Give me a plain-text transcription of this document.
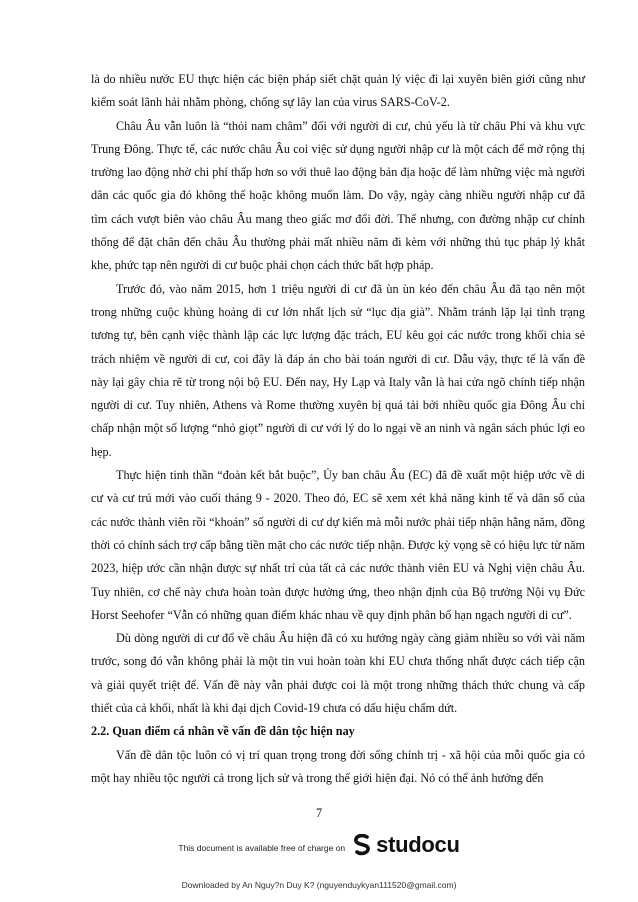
là do nhiều nước EU thực hiện các biện pháp siết chặt quản lý việc đi lại xuyên biên giới cũng như kiểm soát lãnh hải nhằm phòng, chống sự lây lan của virus SARS-CoV-2.

Châu Âu vẫn luôn là “thỏi nam châm” đối với người di cư, chủ yếu là từ châu Phi và khu vực Trung Đông. Thực tế, các nước châu Âu coi việc sử dụng người nhập cư là một cách để mở rộng thị trường lao động nhờ chi phí thấp hơn so với thuê lao động bản địa hoặc để làm những việc mà người dân các quốc gia đó không thể hoặc không muốn làm. Do vậy, ngày càng nhiều người nhập cư đã tìm cách vượt biên vào châu Âu mang theo giấc mơ đổi đời. Thế nhưng, con đường nhập cư chính thống để đặt chân đến châu Âu thường phải mất nhiều năm đi kèm với những thủ tục pháp lý khắt khe, phức tạp nên người di cư buộc phải chọn cách thức bất hợp pháp.

Trước đó, vào năm 2015, hơn 1 triệu người di cư đã ùn ùn kéo đến châu Âu đã tạo nên một trong những cuộc khủng hoảng di cư lớn nhất lịch sử “lục địa già”. Nhằm tránh lặp lại tình trạng tương tự, bên cạnh việc thành lập các lực lượng đặc trách, EU kêu gọi các nước trong khối chia sẻ trách nhiệm về người di cư, coi đây là đáp án cho bài toán người di cư. Dẫu vậy, thực tế là vấn đề này lại gây chia rẽ từ trong nội bộ EU. Đến nay, Hy Lạp và Italy vẫn là hai cửa ngõ chính tiếp nhận người di cư. Tuy nhiên, Athens và Rome thường xuyên bị quá tải bởi nhiều quốc gia Đông Âu chỉ chấp nhận một số lượng “nhỏ giọt” người di cư với lý do lo ngại về an ninh và ngân sách phúc lợi eo hẹp.

Thực hiện tinh thần “đoàn kết bắt buộc”, Ủy ban châu Âu (EC) đã đề xuất một hiệp ước về di cư và cư trú mới vào cuối tháng 9 - 2020. Theo đó, EC sẽ xem xét khả năng kinh tế và dân số của các nước thành viên rồi “khoán” số người di cư dự kiến mà mỗi nước phải tiếp nhận hằng năm, đồng thời có chính sách trợ cấp bằng tiền mặt cho các nước tiếp nhận. Được kỳ vọng sẽ có hiệu lực từ năm 2023, hiệp ước cần nhận được sự nhất trí của tất cả các nước thành viên EU và Nghị viện châu Âu. Tuy nhiên, cơ chế này chưa hoàn toàn được hưởng ứng, theo nhận định của Bộ trưởng Nội vụ Đức Horst Seehofer “Vẫn có những quan điểm khác nhau về quy định phân bổ hạn ngạch người di cư”.

Dù dòng người di cư đổ về châu Âu hiện đã có xu hướng ngày càng giảm nhiều so với vài năm trước, song đó vẫn không phải là một tin vui hoàn toàn khi EU chưa thống nhất được cách tiếp cận và giải quyết triệt để. Vấn đề này vẫn phải được coi là một trong những thách thức chung và cấp thiết của cả khối, nhất là khi đại dịch Covid-19 chưa có dấu hiệu chấm dứt.

2.2. Quan điểm cá nhân về vấn đề dân tộc hiện nay

Vấn đề dân tộc luôn có vị trí quan trọng trong đời sống chính trị - xã hội của mỗi quốc gia có một hay nhiều tộc người cả trong lịch sử và trong thế giới hiện đại. Nó có thể ảnh hưởng đến

7
This document is available free of charge on studocu
Downloaded by An Nguy?n Duy K? (nguyenduykyan111520@gmail.com)
